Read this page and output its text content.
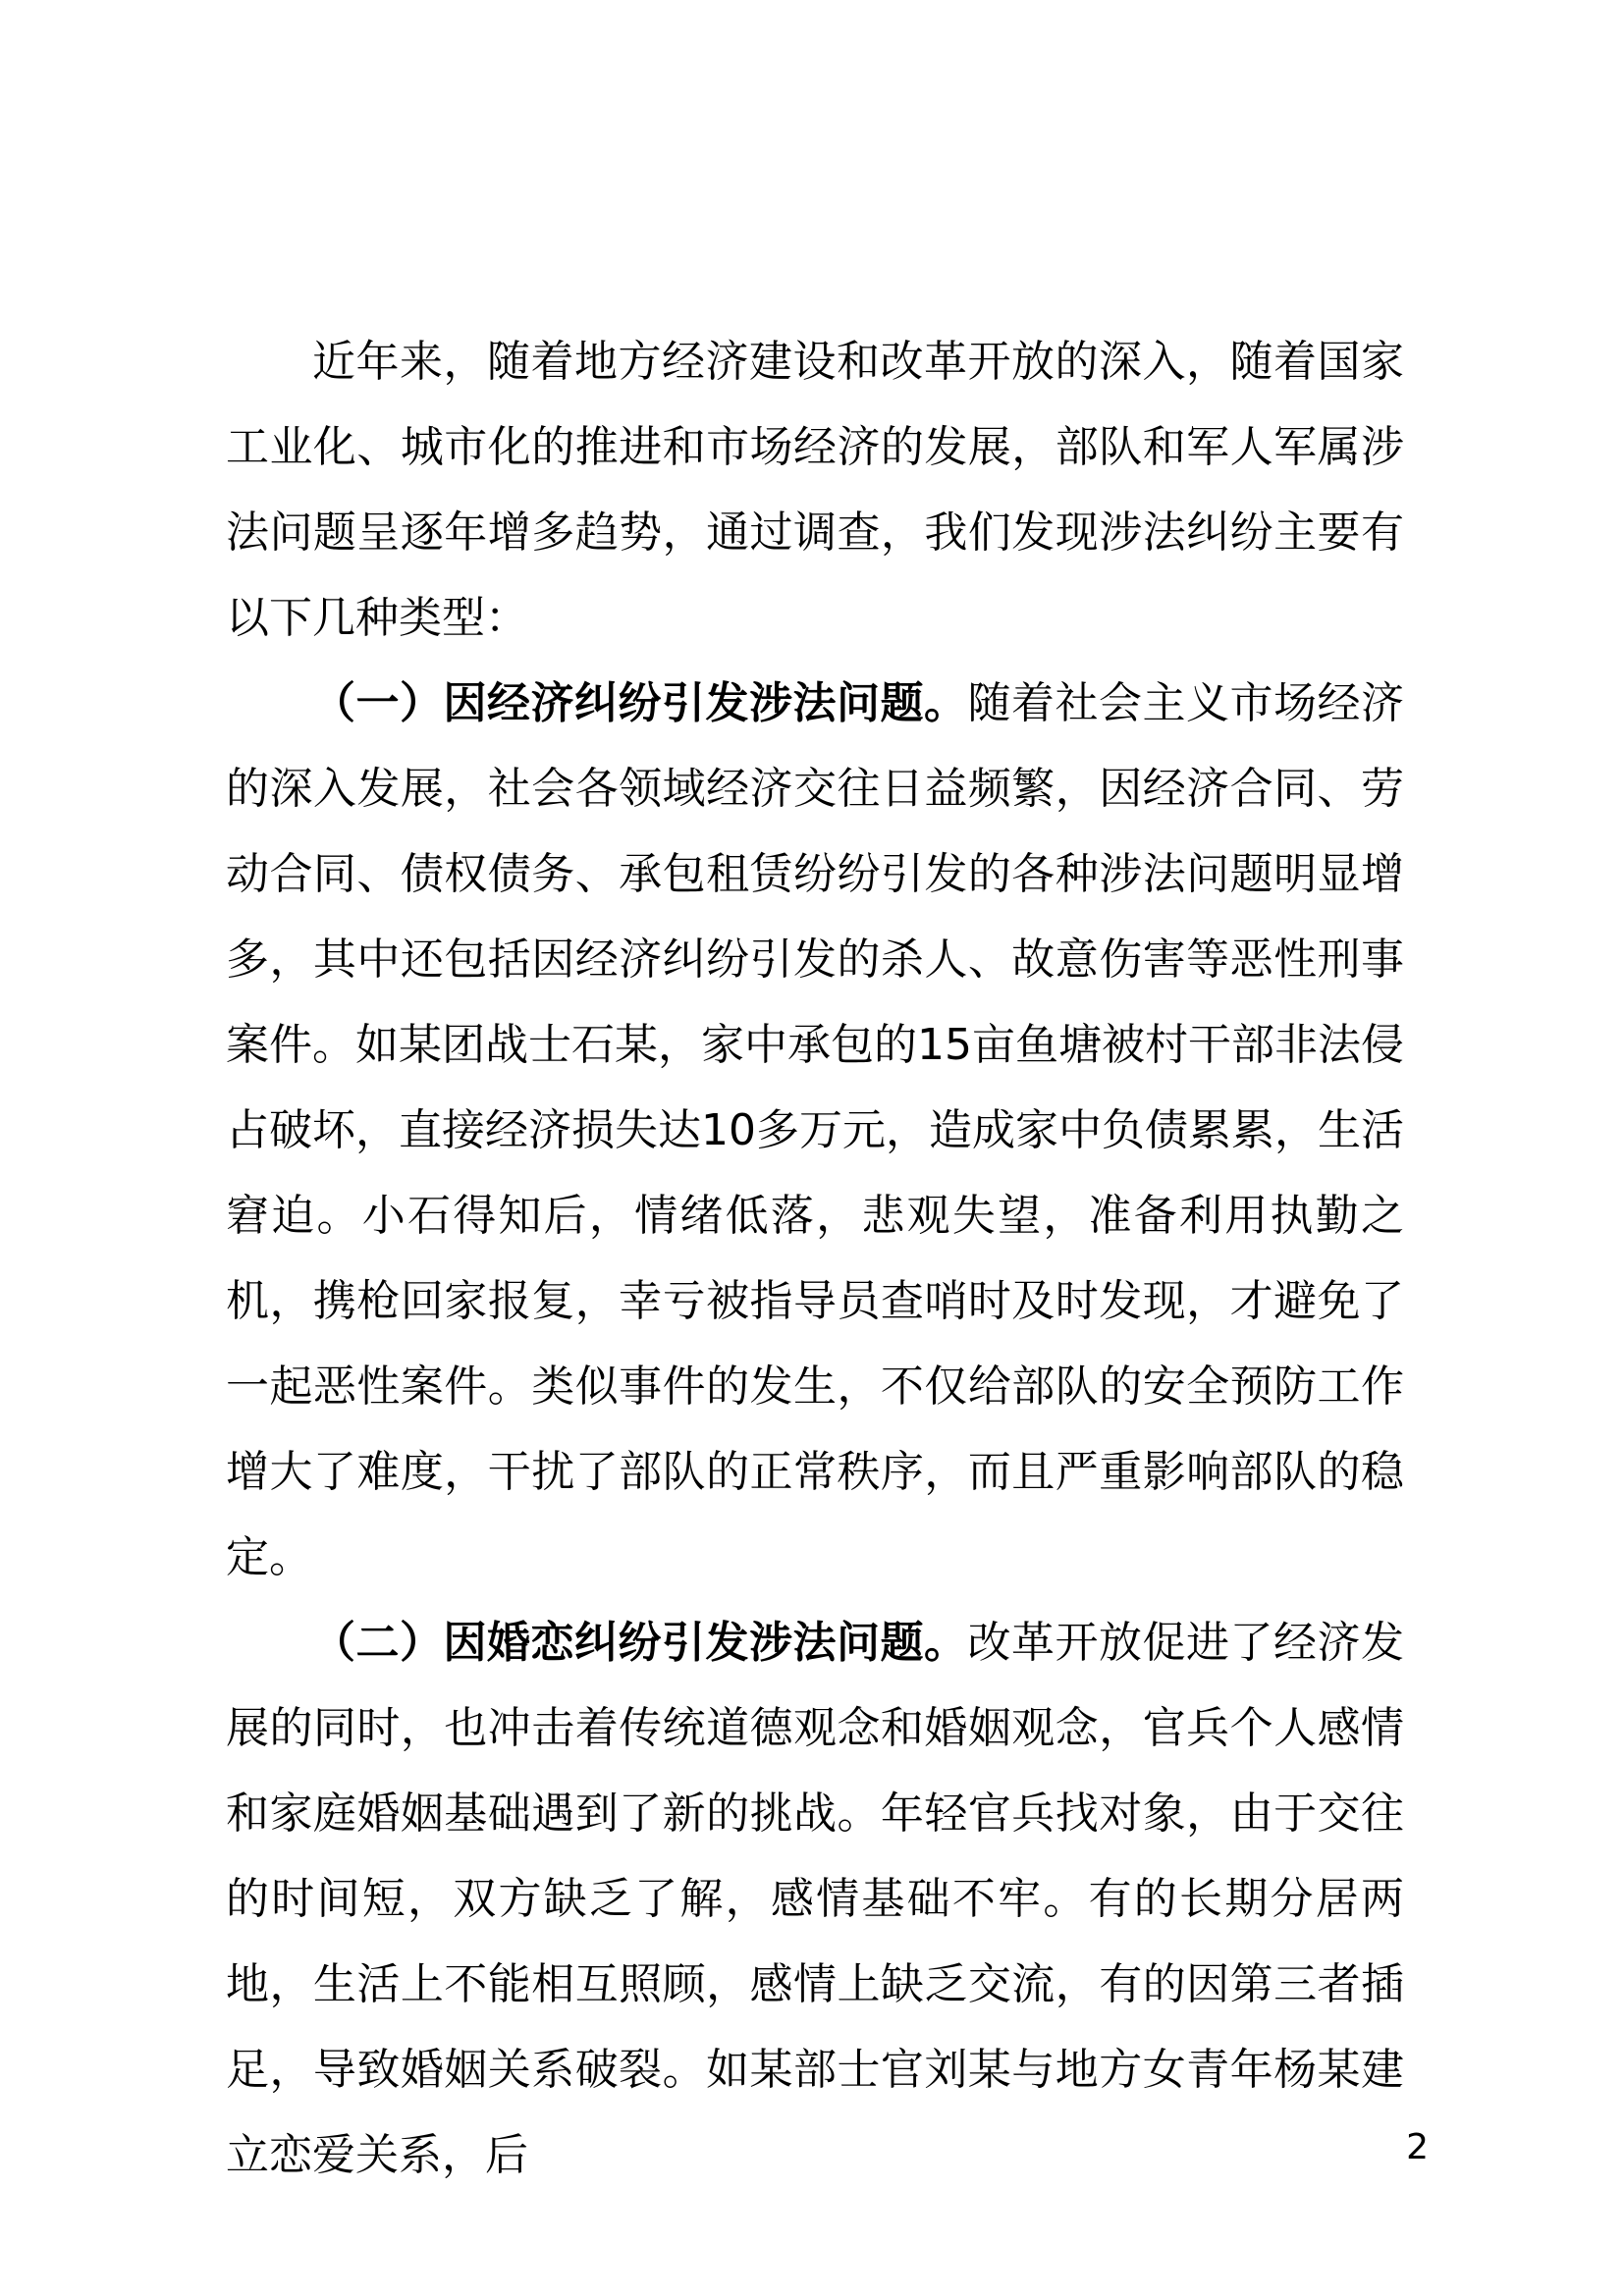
近年来，随着地方经济建设和改革开放的深入，随着国家工业化、城市化的推进和市场经济的发展，部队和军人军属涉法问题呈逐年增多趋势，通过调查，我们发现涉法纠纷主要有以下几种类型：

（一）因经济纠纷引发涉法问题。随着社会主义市场经济的深入发展，社会各领域经济交往日益频繁，因经济合同、劳动合同、债权债务、承包租赁纷纷引发的各种涉法问题明显增多，其中还包括因经济纠纷引发的杀人、故意伤害等恶性刑事案件。如某团战士石某，家中承包的15亩鱼塘被村干部非法侵占破坏，直接经济损失达10多万元，造成家中负债累累，生活窘迫。小石得知后，情绪低落，悲观失望，准备利用执勤之机，携枪回家报复，幸亏被指导员查哨时及时发现，才避免了一起恶性案件。类似事件的发生，不仅给部队的安全预防工作增大了难度，干扰了部队的正常秩序，而且严重影响部队的稳定。

（二）因婚恋纠纷引发涉法问题。改革开放促进了经济发展的同时，也冲击着传统道德观念和婚姻观念，官兵个人感情和家庭婚姻基础遇到了新的挑战。年轻官兵找对象，由于交往的时间短，双方缺乏了解，感情基础不牢。有的长期分居两地，生活上不能相互照顾，感情上缺乏交流，有的因第三者插足，导致婚姻关系破裂。如某部士官刘某与地方女青年杨某建立恋爱关系，后	2
